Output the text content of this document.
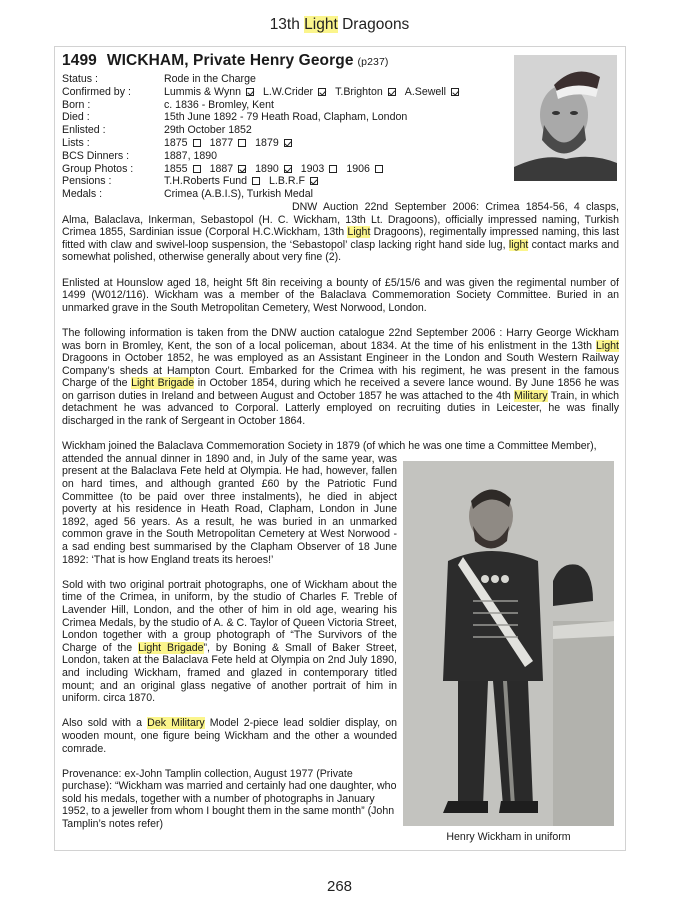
13th Light Dragoons
1499 WICKHAM, Private Henry George (p237)
Status :	Rode in the Charge
Confirmed by :	Lummis & Wynn L.W.Crider T.Brighton A.Sewell
Born :	c. 1836 - Bromley, Kent
Died :	15th June 1892 - 79 Heath Road, Clapham, London
Enlisted :	29th October 1852
Lists :	1875 1877 1879
BCS Dinners :	1887, 1890
Group Photos :	1855 1887 1890 1903 1906
Pensions :	T.H.Roberts Fund L.B.R.F
Medals :	Crimea (A.B.I.S), Turkish Medal

DNW Auction 22nd September 2006: Crimea 1854-56, 4 clasps, Alma, Balaclava, Inkerman, Sebastopol (H. C. Wickham, 13th Lt. Dragoons), officially impressed naming, Turkish Crimea 1855, Sardinian issue (Corporal H.C.Wickham, 13th Light Dragoons), regimentally impressed naming, this last fitted with claw and swivel-loop suspension, the ‘Sebastopol’ clasp lacking right hand side lug, light contact marks and somewhat polished, otherwise generally about very fine (2).

Enlisted at Hounslow aged 18, height 5ft 8in receiving a bounty of £5/15/6 and was given the regimental number of 1499 (W012/116). Wickham was a member of the Balaclava Commemoration Society Committee. Buried in an unmarked grave in the South Metropolitan Cemetery, West Norwood, London.

The following information is taken from the DNW auction catalogue 22nd September 2006 : Harry George Wickham was born in Bromley, Kent, the son of a local policeman, about 1834. At the time of his enlistment in the 13th Light Dragoons in October 1852, he was employed as an Assistant Engineer in the London and South Western Railway Company’s sheds at Hampton Court. Embarked for the Crimea with his regiment, he was present in the famous Charge of the Light Brigade in October 1854, during which he received a severe lance wound. By June 1856 he was on garrison duties in Ireland and between August and October 1857 he was attached to the 4th Military Train, in which detachment he was advanced to Corporal. Latterly employed on recruiting duties in Leicester, he was finally discharged in the rank of Sergeant in October 1864.

Wickham joined the Balaclava Commemoration Society in 1879 (of which he was one time a Committee Member),

attended the annual dinner in 1890 and, in July of the same year, was present at the Balaclava Fete held at Olympia. He had, however, fallen on hard times, and although granted £60 by the Patriotic Fund Committee (to be paid over three instalments), he died in abject poverty at his residence in Heath Road, Clapham, London in June 1892, aged 56 years. As a result, he was buried in an unmarked common grave in the South Metropolitan Cemetery at West Norwood - a sad ending best summarised by the Clapham Observer of 18 June 1892: ‘That is how England treats its heroes!’

Sold with two original portrait photographs, one of Wickham about the time of the Crimea, in uniform, by the studio of Charles F. Treble of Lavender Hill, London, and the other of him in old age, wearing his Crimea Medals, by the studio of A. & C. Taylor of Queen Victoria Street, London together with a group photograph of “The Survivors of the Charge of the Light Brigade”, by Boning & Small of Baker Street, London, taken at the Balaclava Fete held at Olympia on 2nd July 1890, and including Wickham, framed and glazed in contemporary titled mount; and an original glass negative of another portrait of him in uniform. circa 1870.

Also sold with a Dek Military Model 2-piece lead soldier display, on wooden mount, one figure being Wickham and the other a wounded comrade.

Provenance: ex-John Tamplin collection, August 1977 (Private purchase): “Wickham was married and certainly had one daughter, who sold his medals, together with a number of photographs in January 1952, to a jeweller from whom I bought them in the same month” (John Tamplin’s notes refer)

Henry Wickham in uniform
268
